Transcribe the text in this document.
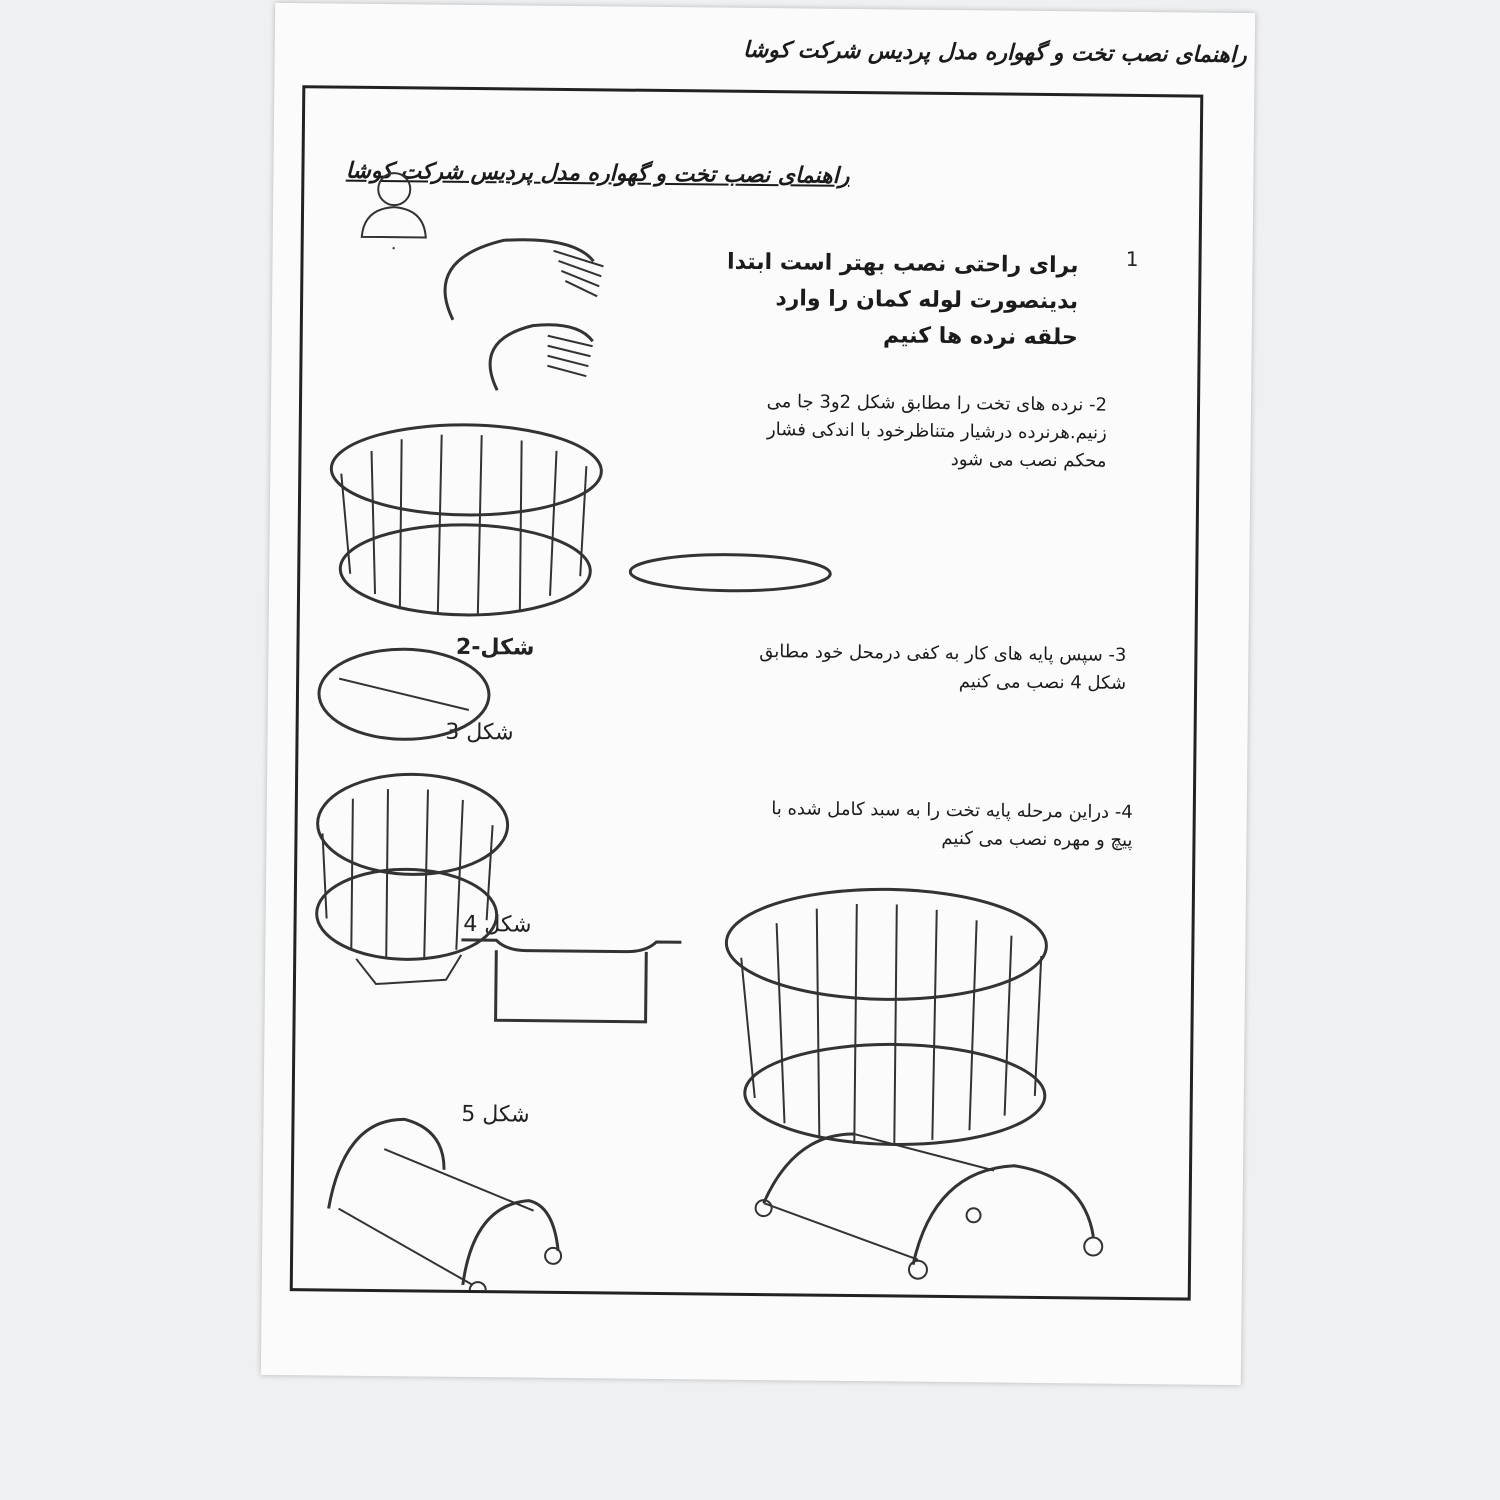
راهنمای نصب تخت و گهواره مدل پردیس شرکت کوشا
راهنمای نصب تخت و گهواره مدل پردیس شرکت کوشا
•	1
برای راحتی نصب بهتر است ابتدا بدینصورت لوله کمان را وارد حلقه نرده ها کنیم
2- نرده های تخت را مطابق شکل 2و3 جا می زنیم.هرنرده درشیار متناظرخود با اندکی فشار محکم نصب می شود
3- سپس پایه های کار به کفی درمحل خود مطابق شکل 4 نصب می کنیم
4- دراین مرحله پایه تخت را به سبد کامل شده با پیچ و مهره نصب می کنیم
شکل-2
شکل 3
شکل 4
شکل 5
